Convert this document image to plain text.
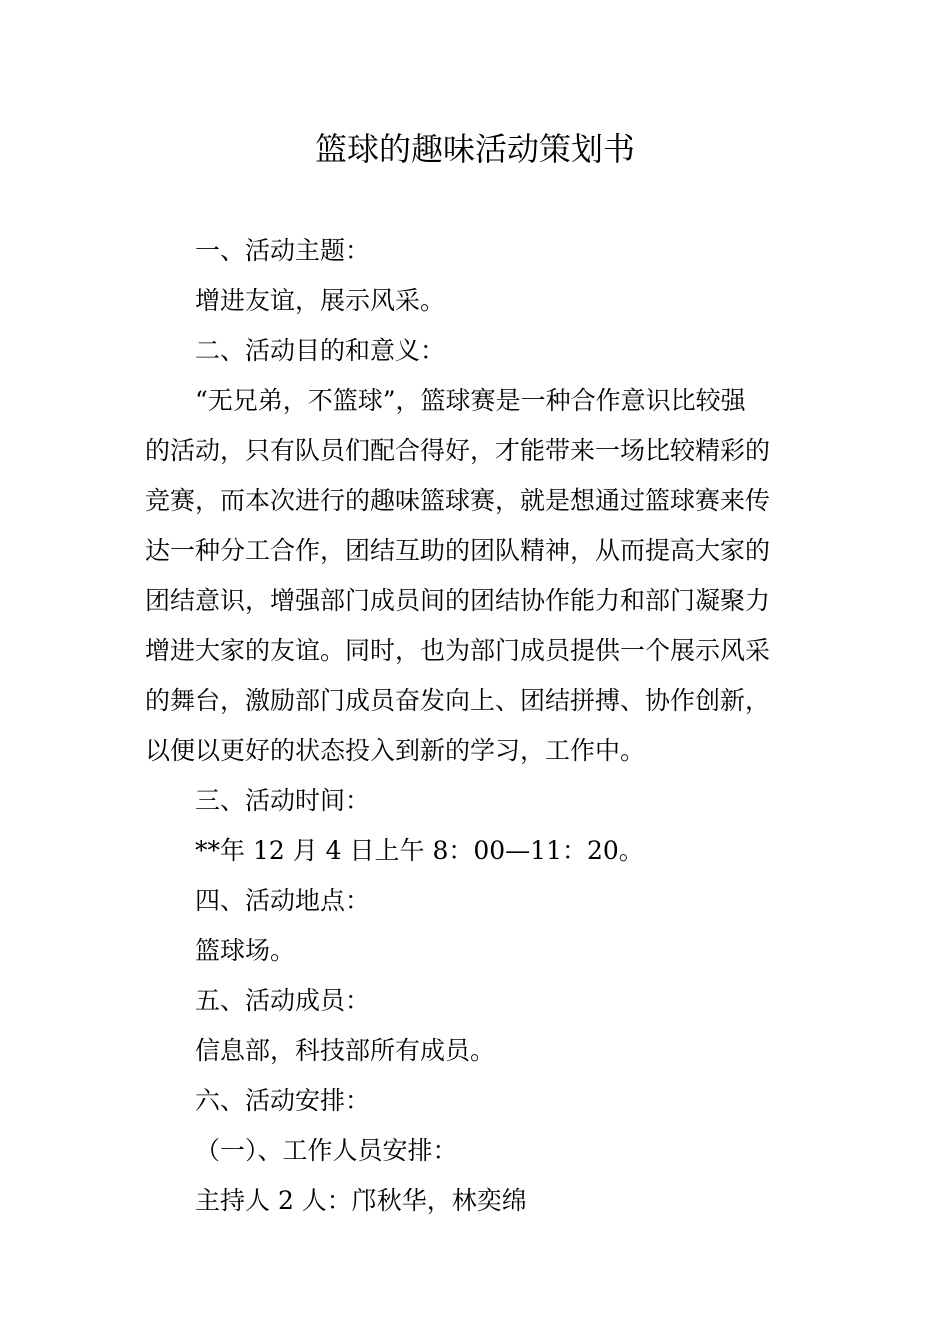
篮球的趣味活动策划书

一、活动主题：

增进友谊，展示风采。

二、活动目的和意义：

“无兄弟，不篮球”，篮球赛是一种合作意识比较强
的活动，只有队员们配合得好，才能带来一场比较精彩的
竞赛，而本次进行的趣味篮球赛，就是想通过篮球赛来传
达一种分工合作，团结互助的团队精神，从而提高大家的
团结意识，增强部门成员间的团结协作能力和部门凝聚力
增进大家的友谊。同时，也为部门成员提供一个展示风采
的舞台，激励部门成员奋发向上、团结拼搏、协作创新，
以便以更好的状态投入到新的学习，工作中。

三、活动时间：

**年 12 月 4 日上午 8：00—11：20。

四、活动地点：

篮球场。

五、活动成员：

信息部，科技部所有成员。

六、活动安排：

（一）、工作人员安排：

主持人 2 人：邝秋华，林奕绵
